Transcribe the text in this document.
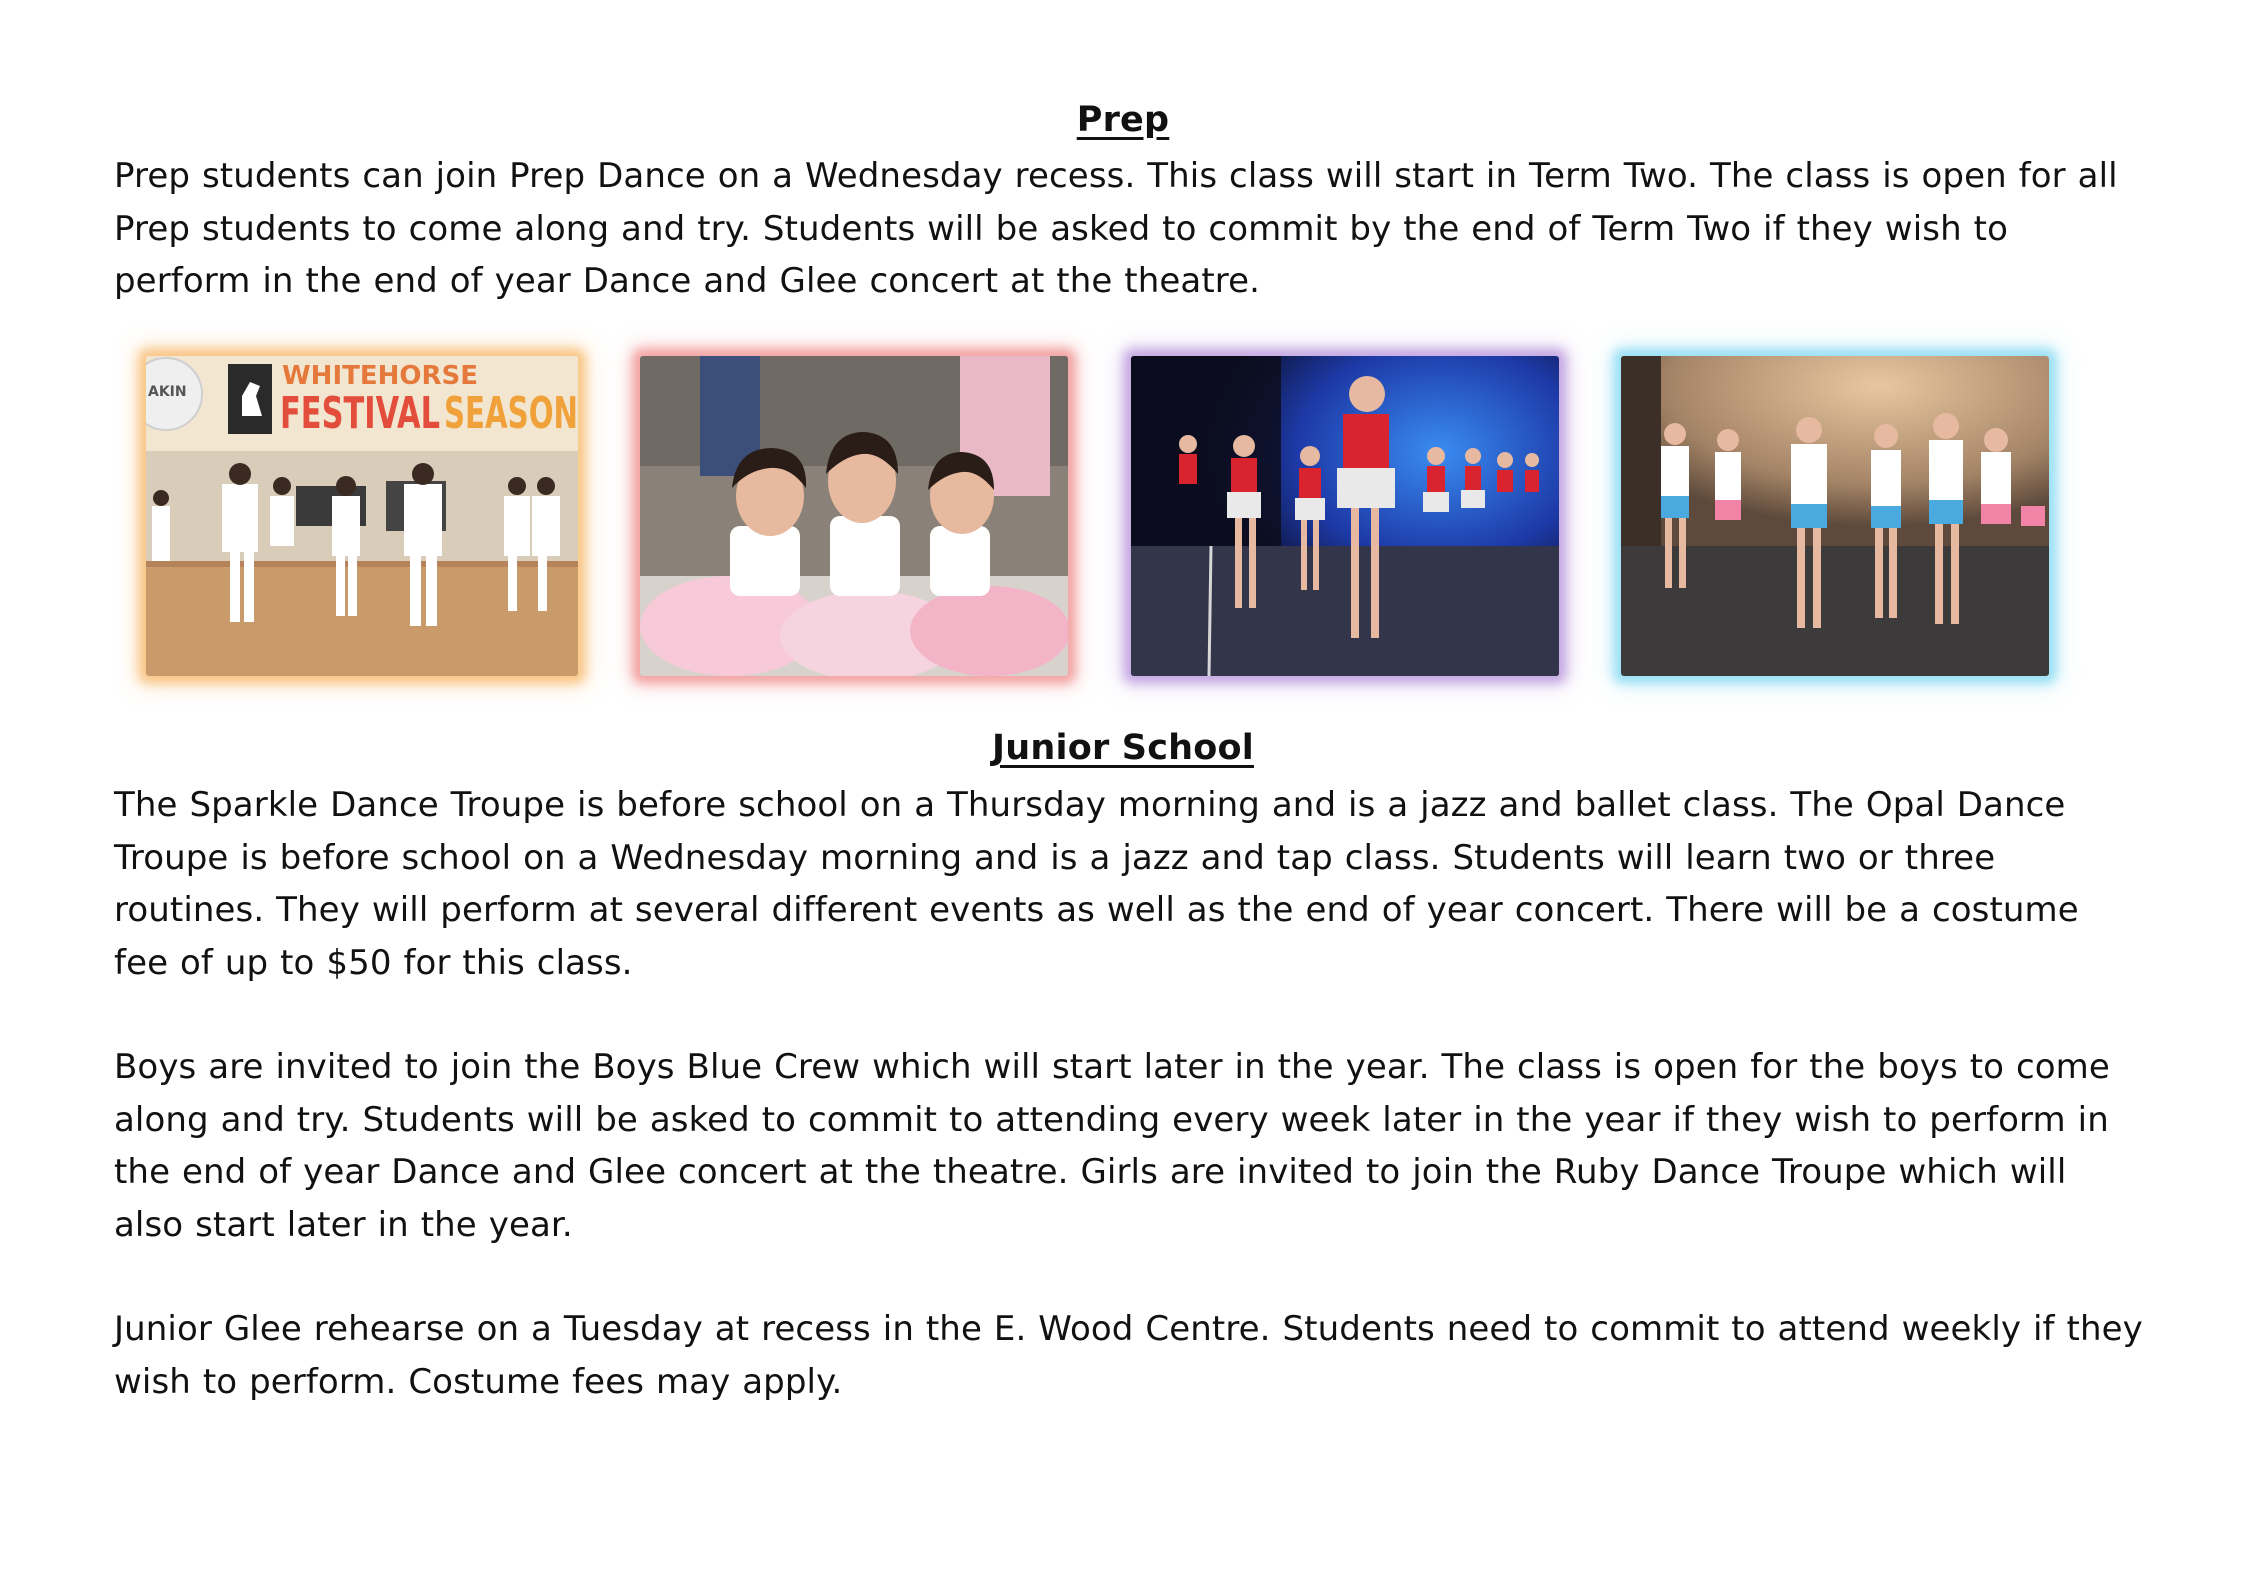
Prep
Prep students can join Prep Dance on a Wednesday recess. This class will start in Term Two. The class is open for all Prep students to come along and try. Students will be asked to commit by the end of Term Two if they wish to perform in the end of year Dance and Glee concert at the theatre.
AKIN
WHITEHORSE
FESTIVAL SEASON
Junior School
The Sparkle Dance Troupe is before school on a Thursday morning and is a jazz and ballet class. The Opal Dance Troupe is before school on a Wednesday morning and is a jazz and tap class. Students will learn two or three routines. They will perform at several different events as well as the end of year concert. There will be a costume fee of up to $50 for this class.
Boys are invited to join the Boys Blue Crew which will start later in the year. The class is open for the boys to come along and try. Students will be asked to commit to attending every week later in the year if they wish to perform in the end of year Dance and Glee concert at the theatre. Girls are invited to join the Ruby Dance Troupe which will also start later in the year.
Junior Glee rehearse on a Tuesday at recess in the E. Wood Centre. Students need to commit to attend weekly if they wish to perform. Costume fees may apply.
